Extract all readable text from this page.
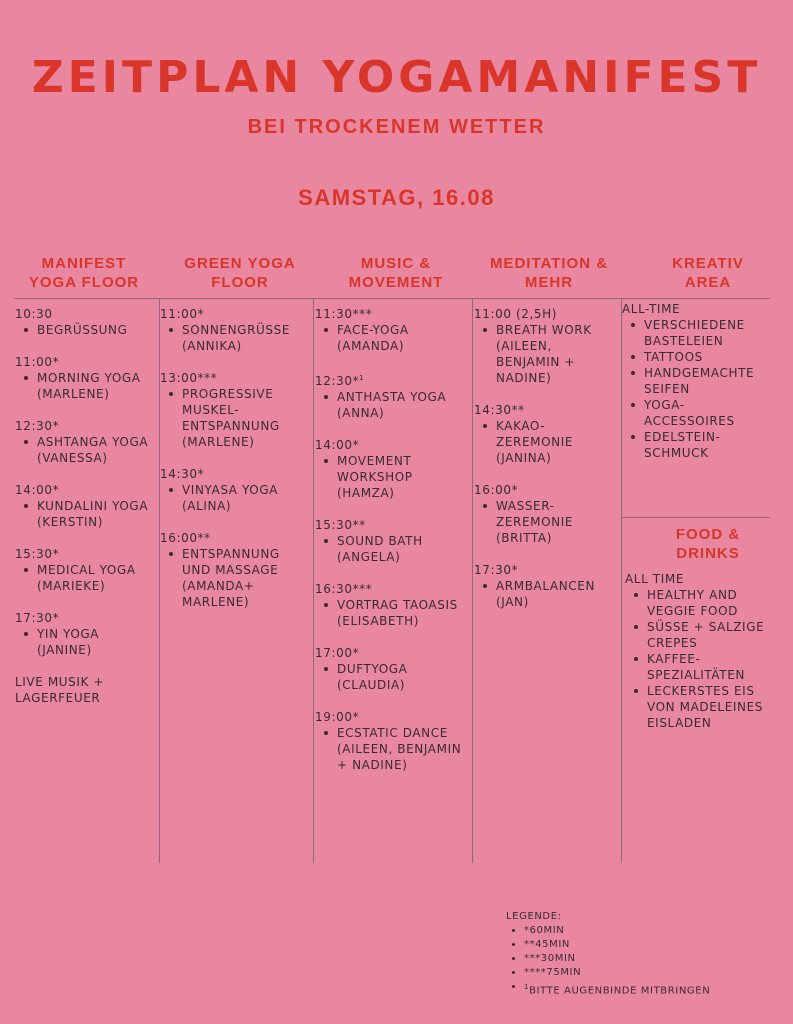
ZEITPLAN YOGAMANIFEST
BEI TROCKENEM WETTER
SAMSTAG, 16.08
MANIFEST
YOGA FLOOR
GREEN YOGA
FLOOR
MUSIC &
MOVEMENT
MEDITATION &
MEHR
KREATIV
AREA
10:30
BEGRÜSSUNG
11:00*
MORNING YOGA (MARLENE)
12:30*
ASHTANGA YOGA (VANESSA)
14:00*
KUNDALINI YOGA (KERSTIN)
15:30*
MEDICAL YOGA (MARIEKE)
17:30*
YIN YOGA (JANINE)
LIVE MUSIK +
LAGERFEUER
11:00*
SONNENGRÜSSE (ANNIKA)
13:00***
PROGRESSIVE MUSKEL-ENTSPANNUNG (MARLENE)
14:30*
VINYASA YOGA (ALINA)
16:00**
ENTSPANNUNG UND MASSAGE (AMANDA+ MARLENE)
11:30***
FACE-YOGA (AMANDA)
12:30*$^1$
ANTHASTA YOGA (ANNA)
14:00*
MOVEMENT WORKSHOP (HAMZA)
15:30**
SOUND BATH (ANGELA)
16:30***
VORTRAG TAOASIS (ELISABETH)
17:00*
DUFTYOGA (CLAUDIA)
19:00*
ECSTATIC DANCE (AILEEN, BENJAMIN + NADINE)
11:00 (2,5H)
BREATH WORK (AILEEN, BENJAMIN + NADINE)
14:30**
KAKAO-ZEREMONIE (JANINA)
16:00*
WASSER-ZEREMONIE (BRITTA)
17:30*
ARMBALANCEN (JAN)
ALL-TIME
VERSCHIEDENE BASTELEIEN
TATTOOS
HANDGEMACHTE SEIFEN
YOGA-ACCESSOIRES
EDELSTEIN-SCHMUCK
FOOD &
DRINKS
ALL TIME
HEALTHY AND VEGGIE FOOD
SÜSSE + SALZIGE CREPES
KAFFEE-SPEZIALITÄTEN
LECKERSTES EIS VON MADELEINES EISLADEN
LEGENDE:
*60MIN
**45MIN
***30MIN
****75MIN
$^1$BITTE AUGENBINDE MITBRINGEN
